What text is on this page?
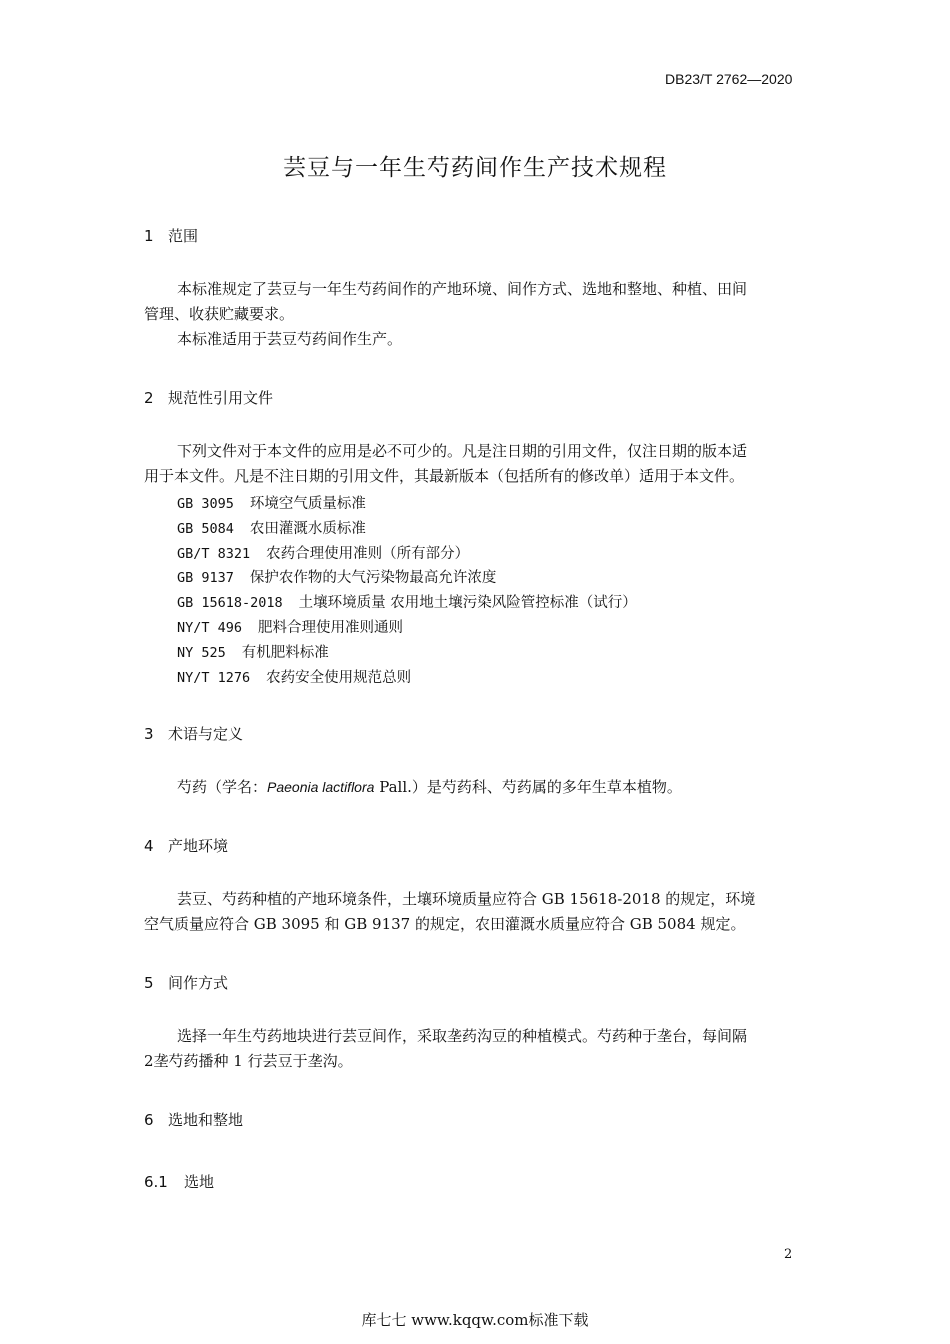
DB23/T 2762—2020
芸豆与一年生芍药间作生产技术规程
1 范围
本标准规定了芸豆与一年生芍药间作的产地环境、间作方式、选地和整地、种植、田间
管理、收获贮藏要求。
本标准适用于芸豆芍药间作生产。
2 规范性引用文件
下列文件对于本文件的应用是必不可少的。凡是注日期的引用文件，仅注日期的版本适
用于本文件。凡是不注日期的引用文件，其最新版本（包括所有的修改单）适用于本文件。
GB 3095 环境空气质量标准
GB 5084 农田灌溉水质标准
GB/T 8321 农药合理使用准则（所有部分）
GB 9137 保护农作物的大气污染物最高允许浓度
GB 15618-2018 土壤环境质量 农用地土壤污染风险管控标准（试行）
NY/T 496 肥料合理使用准则通则
NY 525 有机肥料标准
NY/T 1276 农药安全使用规范总则
3 术语与定义
芍药（学名：Paeonia lactiflora Pall.）是芍药科、芍药属的多年生草本植物。
4 产地环境
芸豆、芍药种植的产地环境条件，土壤环境质量应符合 GB 15618-2018 的规定，环境
空气质量应符合 GB 3095 和 GB 9137 的规定，农田灌溉水质量应符合 GB 5084 规定。
5 间作方式
选择一年生芍药地块进行芸豆间作，采取垄药沟豆的种植模式。芍药种于垄台，每间隔
2垄芍药播种 1 行芸豆于垄沟。
6 选地和整地
6.1 选地
2
库七七 www.kqqw.com标准下载
